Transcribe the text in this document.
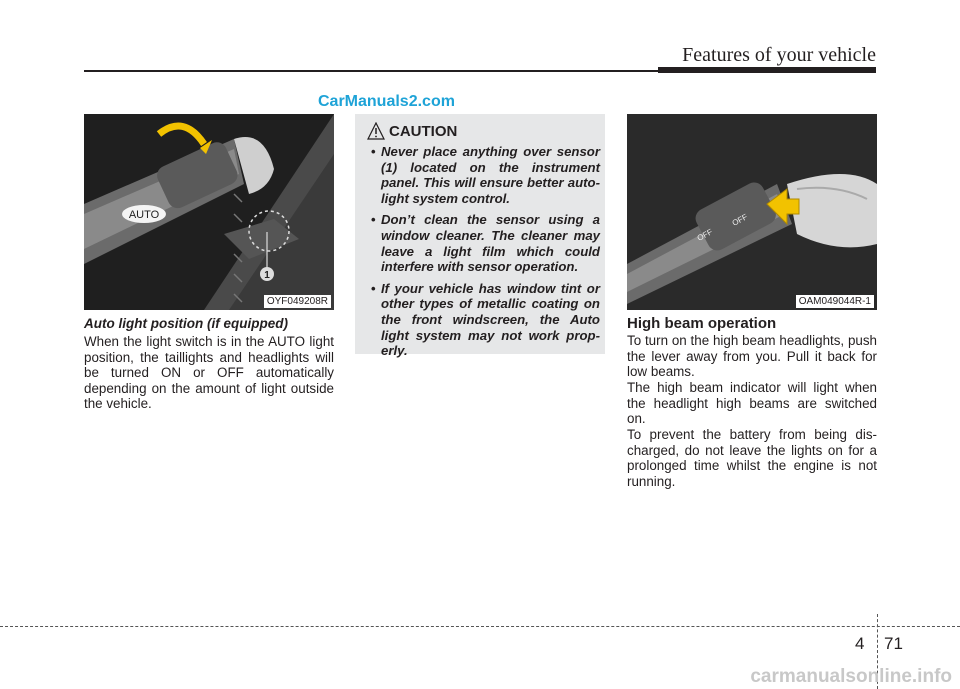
Features of your vehicle
CarManuals2.com
1
AUTO
OYF049208R
Auto light position (if equipped)
When the light switch is in the AUTO light position, the taillights and headlights will be turned ON or OFF automatically depending on the amount of light outside the vehicle.
CAUTION
• Never place anything over sensor (1) located on the instrument panel. This will ensure better auto-light system control.
• Don’t clean the sensor using a window cleaner. The cleaner may leave a light film which could interfere with sensor operation.
• If your vehicle has window tint or other types of metallic coating on the front windscreen, the Auto light system may not work prop-erly.
OFF
OFF
OAM049044R-1
High beam operation

To turn on the high beam headlights, push the lever away from you. Pull it back for low beams.

The high beam indicator will light when the headlight high beams are switched on.

To prevent the battery from being dis-charged, do not leave the lights on for a prolonged time whilst the engine is not running.

4 71
carmanualsonline.info
